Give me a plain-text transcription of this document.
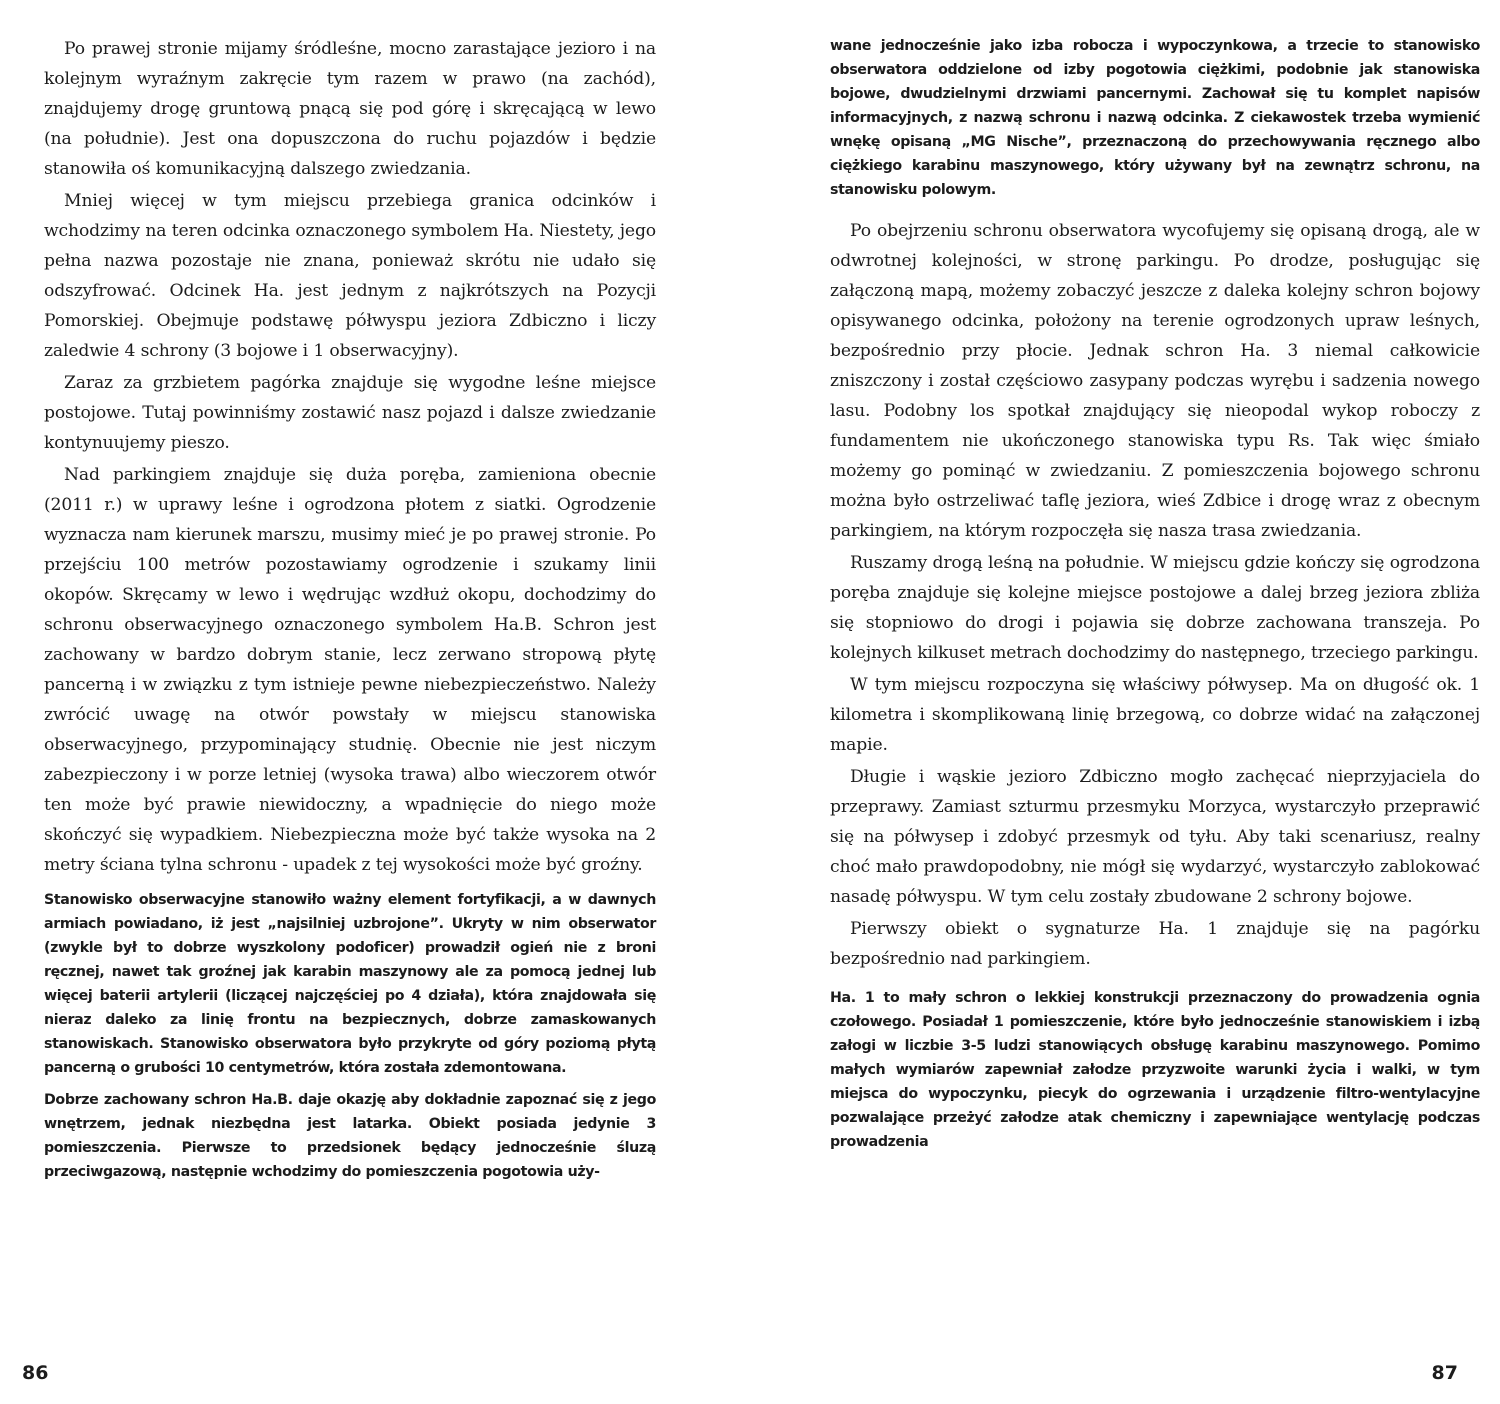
Po prawej stronie mijamy śródleśne, mocno zarastające jezioro i na kolejnym wyraźnym zakręcie tym razem w prawo (na zachód), znajdujemy drogę gruntową pnącą się pod górę i skręcającą w lewo (na południe). Jest ona dopuszczona do ruchu pojazdów i będzie stanowiła oś komunikacyjną dalszego zwiedzania.

Mniej więcej w tym miejscu przebiega granica odcinków i wchodzimy na teren odcinka oznaczonego symbolem Ha. Niestety, jego pełna nazwa pozostaje nie znana, ponieważ skrótu nie udało się odszyfrować. Odcinek Ha. jest jednym z najkrótszych na Pozycji Pomorskiej. Obejmuje podstawę półwyspu jeziora Zdbiczno i liczy zaledwie 4 schrony (3 bojowe i 1 obserwacyjny).

Zaraz za grzbietem pagórka znajduje się wygodne leśne miejsce postojowe. Tutaj powinniśmy zostawić nasz pojazd i dalsze zwiedzanie kontynuujemy pieszo.

Nad parkingiem znajduje się duża poręba, zamieniona obecnie (2011 r.) w uprawy leśne i ogrodzona płotem z siatki. Ogrodzenie wyznacza nam kierunek marszu, musimy mieć je po prawej stronie. Po przejściu 100 metrów pozostawiamy ogrodzenie i szukamy linii okopów. Skręcamy w lewo i wędrując wzdłuż okopu, dochodzimy do schronu obserwacyjnego oznaczonego symbolem Ha.B. Schron jest zachowany w bardzo dobrym stanie, lecz zerwano stropową płytę pancerną i w związku z tym istnieje pewne niebezpieczeństwo. Należy zwrócić uwagę na otwór powstały w miejscu stanowiska obserwacyjnego, przypominający studnię. Obecnie nie jest niczym zabezpieczony i w porze letniej (wysoka trawa) albo wieczorem otwór ten może być prawie niewidoczny, a wpadnięcie do niego może skończyć się wypadkiem. Niebezpieczna może być także wysoka na 2 metry ściana tylna schronu - upadek z tej wysokości może być groźny.

Stanowisko obserwacyjne stanowiło ważny element fortyfikacji, a w dawnych armiach powiadano, iż jest „najsilniej uzbrojone”. Ukryty w nim obserwator (zwykle był to dobrze wyszkolony podoficer) prowadził ogień nie z broni ręcznej, nawet tak groźnej jak karabin maszynowy ale za pomocą jednej lub więcej baterii artylerii (liczącej najczęściej po 4 działa), która znajdowała się nieraz daleko za linię frontu na bezpiecznych, dobrze zamaskowanych stanowiskach. Stanowisko obserwatora było przykryte od góry poziomą płytą pancerną o grubości 10 centymetrów, która została zdemontowana.

Dobrze zachowany schron Ha.B. daje okazję aby dokładnie zapoznać się z jego wnętrzem, jednak niezbędna jest latarka. Obiekt posiada jedynie 3 pomieszczenia. Pierwsze to przedsionek będący jednocześnie śluzą przeciwgazową, następnie wchodzimy do pomieszczenia pogotowia uży-

86

wane jednocześnie jako izba robocza i wypoczynkowa, a trzecie to stanowisko obserwatora oddzielone od izby pogotowia ciężkimi, podobnie jak stanowiska bojowe, dwudzielnymi drzwiami pancernymi. Zachował się tu komplet napisów informacyjnych, z nazwą schronu i nazwą odcinka. Z ciekawostek trzeba wymienić wnękę opisaną „MG Nische”, przeznaczoną do przechowywania ręcznego albo ciężkiego karabinu maszynowego, który używany był na zewnątrz schronu, na stanowisku polowym.

Po obejrzeniu schronu obserwatora wycofujemy się opisaną drogą, ale w odwrotnej kolejności, w stronę parkingu. Po drodze, posługując się załączoną mapą, możemy zobaczyć jeszcze z daleka kolejny schron bojowy opisywanego odcinka, położony na terenie ogrodzonych upraw leśnych, bezpośrednio przy płocie. Jednak schron Ha. 3 niemal całkowicie zniszczony i został częściowo zasypany podczas wyrębu i sadzenia nowego lasu. Podobny los spotkał znajdujący się nieopodal wykop roboczy z fundamentem nie ukończonego stanowiska typu Rs. Tak więc śmiało możemy go pominąć w zwiedzaniu. Z pomieszczenia bojowego schronu można było ostrzeliwać taflę jeziora, wieś Zdbice i drogę wraz z obecnym parkingiem, na którym rozpoczęła się nasza trasa zwiedzania.

Ruszamy drogą leśną na południe. W miejscu gdzie kończy się ogrodzona poręba znajduje się kolejne miejsce postojowe a dalej brzeg jeziora zbliża się stopniowo do drogi i pojawia się dobrze zachowana transzeja. Po kolejnych kilkuset metrach dochodzimy do następnego, trzeciego parkingu.

W tym miejscu rozpoczyna się właściwy półwysep. Ma on długość ok. 1 kilometra i skomplikowaną linię brzegową, co dobrze widać na załączonej mapie.

Długie i wąskie jezioro Zdbiczno mogło zachęcać nieprzyjaciela do przeprawy. Zamiast szturmu przesmyku Morzyca, wystarczyło przeprawić się na półwysep i zdobyć przesmyk od tyłu. Aby taki scenariusz, realny choć mało prawdopodobny, nie mógł się wydarzyć, wystarczyło zablokować nasadę półwyspu. W tym celu zostały zbudowane 2 schrony bojowe.

Pierwszy obiekt o sygnaturze Ha. 1 znajduje się na pagórku bezpośrednio nad parkingiem.

Ha. 1 to mały schron o lekkiej konstrukcji przeznaczony do prowadzenia ognia czołowego. Posiadał 1 pomieszczenie, które było jednocześnie stanowiskiem i izbą załogi w liczbie 3-5 ludzi stanowiących obsługę karabinu maszynowego. Pomimo małych wymiarów zapewniał załodze przyzwoite warunki życia i walki, w tym miejsca do wypoczynku, piecyk do ogrzewania i urządzenie filtro-wentylacyjne pozwalające przeżyć załodze atak chemiczny i zapewniające wentylację podczas prowadzenia

87
